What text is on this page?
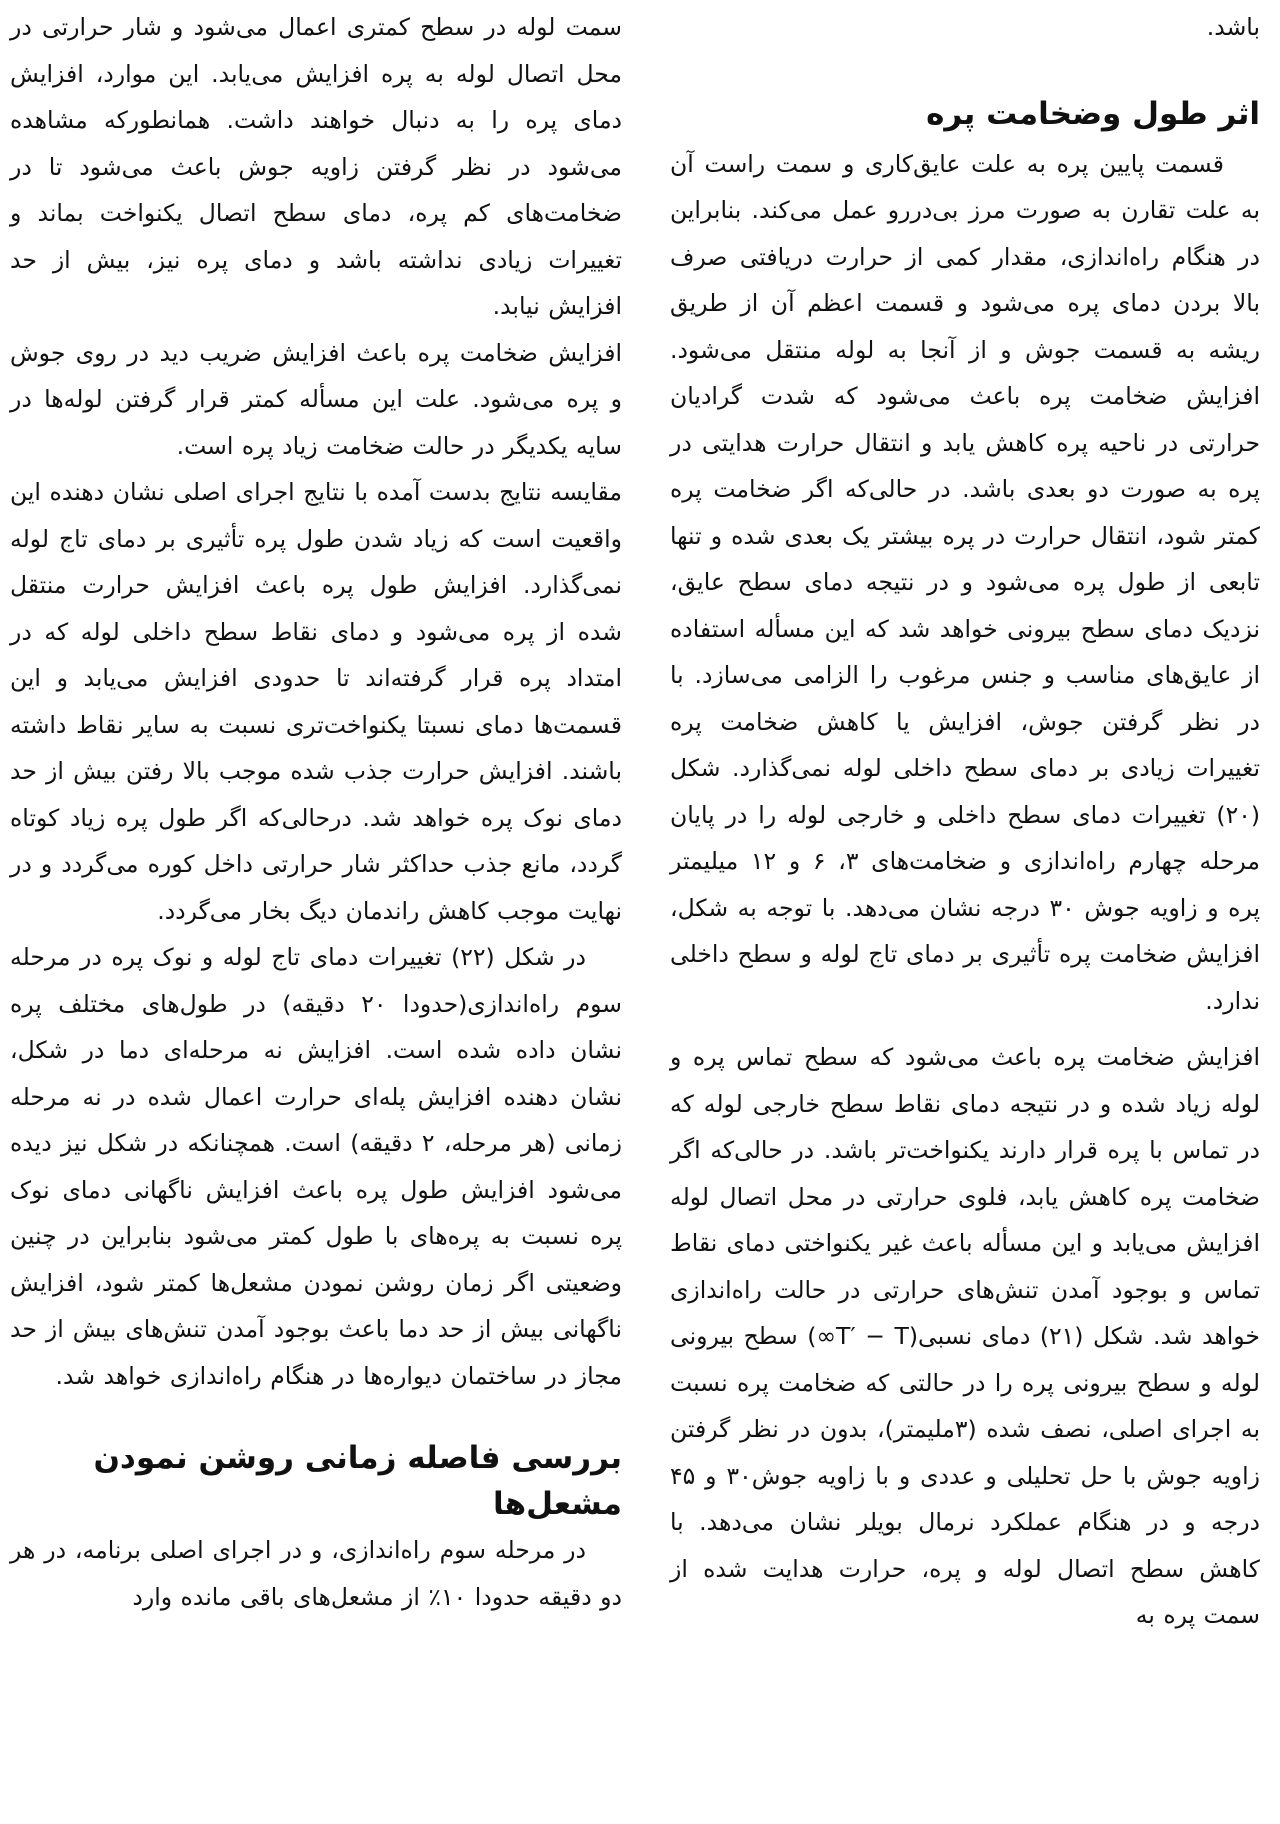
باشد.

اثر طول وضخامت پره

قسمت پایین پره به علت عایق‌کاری و سمت راست آن به علت تقارن به صورت مرز بی‌دررو عمل می‌کند. بنابراین در هنگام راه‌اندازی، مقدار کمی از حرارت دریافتی صرف بالا بردن دمای پره می‌شود و قسمت اعظم آن از طریق ریشه به قسمت جوش و از آنجا به لوله منتقل می‌شود. افزایش ضخامت پره باعث می‌شود که شدت گرادیان حرارتی در ناحیه پره کاهش یابد و انتقال حرارت هدایتی در پره به صورت دو بعدی باشد. در حالی‌که اگر ضخامت پره کمتر شود، انتقال حرارت در پره بیشتر یک بعدی شده و تنها تابعی از طول پره می‌شود و در نتیجه دمای سطح عایق، نزدیک دمای سطح بیرونی خواهد شد که این مسأله استفاده از عایق‌های مناسب و جنس مرغوب را الزامی می‌سازد. با در نظر گرفتن جوش، افزایش یا کاهش ضخامت پره تغییرات زیادی بر دمای سطح داخلی لوله نمی‌گذارد. شکل (۲۰) تغییرات دمای سطح داخلی و خارجی لوله را در پایان مرحله چهارم راه‌اندازی و ضخامت‌های ۳، ۶ و ۱۲ میلیمتر پره و زاویه جوش ۳۰ درجه نشان می‌دهد. با توجه به شکل، افزایش ضخامت پره تأثیری بر دمای تاج لوله و سطح داخلی ندارد.

افزایش ضخامت پره باعث می‌شود که سطح تماس پره و لوله زیاد شده و در نتیجه دمای نقاط سطح خارجی لوله که در تماس با پره قرار دارند یکنواخت‌تر باشد. در حالی‌که اگر ضخامت پره کاهش یابد، فلوی حرارتی در محل اتصال لوله افزایش می‌یابد و این مسأله باعث غیر یکنواختی دمای نقاط تماس و بوجود آمدن تنش‌های حرارتی در حالت راه‌اندازی خواهد شد. شکل (۲۱) دمای نسبی(T′ − T∞) سطح بیرونی لوله و سطح بیرونی پره را در حالتی که ضخامت پره نسبت به اجرای اصلی، نصف شده (۳ملیمتر)، بدون در نظر گرفتن زاویه جوش با حل تحلیلی و عددی و با زاویه جوش۳۰ و ۴۵ درجه و در هنگام عملکرد نرمال بویلر نشان می‌دهد. با کاهش سطح اتصال لوله و پره، حرارت هدایت شده از سمت پره به

سمت لوله در سطح کمتری اعمال می‌شود و شار حرارتی در محل اتصال لوله به پره افزایش می‌یابد. این موارد، افزایش دمای پره را به دنبال خواهند داشت. همانطورکه مشاهده می‌شود در نظر گرفتن زاویه جوش باعث می‌شود تا در ضخامت‌های کم پره، دمای سطح اتصال یکنواخت بماند و تغییرات زیادی نداشته باشد و دمای پره نیز، بیش از حد افزایش نیابد.

افزایش ضخامت پره باعث افزایش ضریب دید در روی جوش و پره می‌شود. علت این مسأله کمتر قرار گرفتن لوله‌ها در سایه یکدیگر در حالت ضخامت زیاد پره است.

مقایسه نتایج بدست آمده با نتایج اجرای اصلی نشان دهنده این واقعیت است که زیاد شدن طول پره تأثیری بر دمای تاج لوله نمی‌گذارد. افزایش طول پره باعث افزایش حرارت منتقل شده از پره می‌شود و دمای نقاط سطح داخلی لوله که در امتداد پره قرار گرفته‌اند تا حدودی افزایش می‌یابد و این قسمت‌ها دمای نسبتا یکنواخت‌تری نسبت به سایر نقاط داشته باشند. افزایش حرارت جذب شده موجب بالا رفتن بیش از حد دمای نوک پره خواهد شد. درحالی‌که اگر طول پره زیاد کوتاه گردد، مانع جذب حداکثر شار حرارتی داخل کوره می‌گردد و در نهایت موجب کاهش راندمان دیگ بخار می‌گردد.

در شکل (۲۲) تغییرات دمای تاج لوله و نوک پره در مرحله سوم راه‌اندازی(حدودا ۲۰ دقیقه) در طول‌های مختلف پره نشان داده شده است. افزایش نه مرحله‌ای دما در شکل، نشان دهنده افزایش پله‌ای حرارت اعمال شده در نه مرحله زمانی (هر مرحله، ۲ دقیقه) است. همچنانکه در شکل نیز دیده می‌شود افزایش طول پره باعث افزایش ناگهانی دمای نوک پره نسبت به پره‌های با طول کمتر می‌شود بنابراین در چنین وضعیتی اگر زمان روشن نمودن مشعل‌ها کمتر شود، افزایش ناگهانی بیش از حد دما باعث بوجود آمدن تنش‌های بیش از حد مجاز در ساختمان دیواره‌ها در هنگام راه‌اندازی خواهد شد.

بررسی فاصله زمانی روشن نمودن مشعل‌ها

در مرحله سوم راه‌اندازی، و در اجرای اصلی برنامه، در هر دو دقیقه حدودا ۱۰٪ از مشعل‌های باقی مانده وارد
